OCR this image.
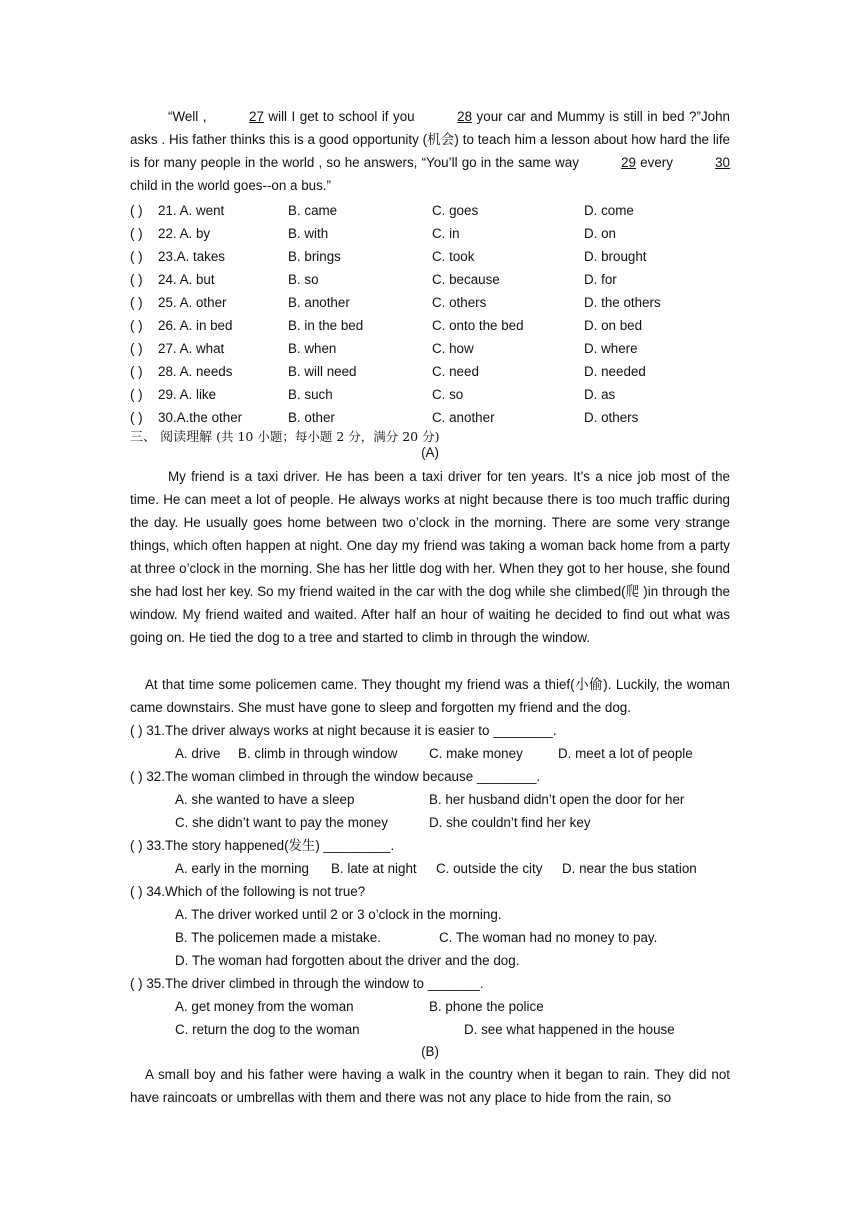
“Well ,	27 will I get to school if you	28 your car and Mummy is still in bed ?”John asks . His father thinks this is a good opportunity (机会) to teach him a lesson about how hard the life is for many people in the world , so he answers, “You’ll go in the same way	29 every	30 child in the world goes--on a bus.”
( )	21. A. went	B. came	C. goes	D. come
( )	22. A. by	B. with	C. in	D. on
( )	23.A. takes	B. brings	C. took	D. brought
( )	24. A. but	B. so	C. because	D. for
( )	25. A. other	B. another	C. others	D. the others
( )	26. A. in bed	B. in the bed	C. onto the bed	D. on bed
( )	27. A. what	B. when	C. how	D. where
( )	28. A. needs	B. will need	C. need	D. needed
( )	29. A. like	B. such	C. so	D. as
( )	30.A.the other	B. other	C. another	D. others
三、 阅读理解 (共 10 小题；每小题 2 分，满分 20 分)
(A)
My friend is a taxi driver. He has been a taxi driver for ten years. It’s a nice job most of the time. He can meet a lot of people. He always works at night because there is too much traffic during the day. He usually goes home between two o’clock in the morning. There are some very strange things, which often happen at night. One day my friend was taking a woman back home from a party at three o’clock in the morning. She has her little dog with her. When they got to her house, she found she had lost her key. So my friend waited in the car with the dog while she climbed(爬 )in through the window. My friend waited and waited. After half an hour of waiting he decided to find out what was going on. He tied the dog to a tree and started to climb in through the window.
At that time some policemen came. They thought my friend was a thief(小偷). Luckily, the woman came downstairs. She must have gone to sleep and forgotten my friend and the dog.
( ) 31.The driver always works at night because it is easier to ________.
A. drive B. climb in through window C. make money	D. meet a lot of people
( ) 32.The woman climbed in through the window because ________.
A. she wanted to have a sleep	B. her husband didn’t open the door for her
C. she didn’t want to pay the money	D. she couldn’t find her key
( ) 33.The story happened(发生) _________.
A. early in the morning B. late at night C. outside the city D. near the bus station
( ) 34.Which of the following is not true?
A. The driver worked until 2 or 3 o’clock in the morning.
B. The policemen made a mistake.	C. The woman had no money to pay.
D. The woman had forgotten about the driver and the dog.
( ) 35.The driver climbed in through the window to _______.
A. get money from the woman	B. phone the police
C. return the dog to the woman	D. see what happened in the house
(B)
A small boy and his father were having a walk in the country when it began to rain. They did not have raincoats or umbrellas with them and there was not any place to hide from the rain, so
